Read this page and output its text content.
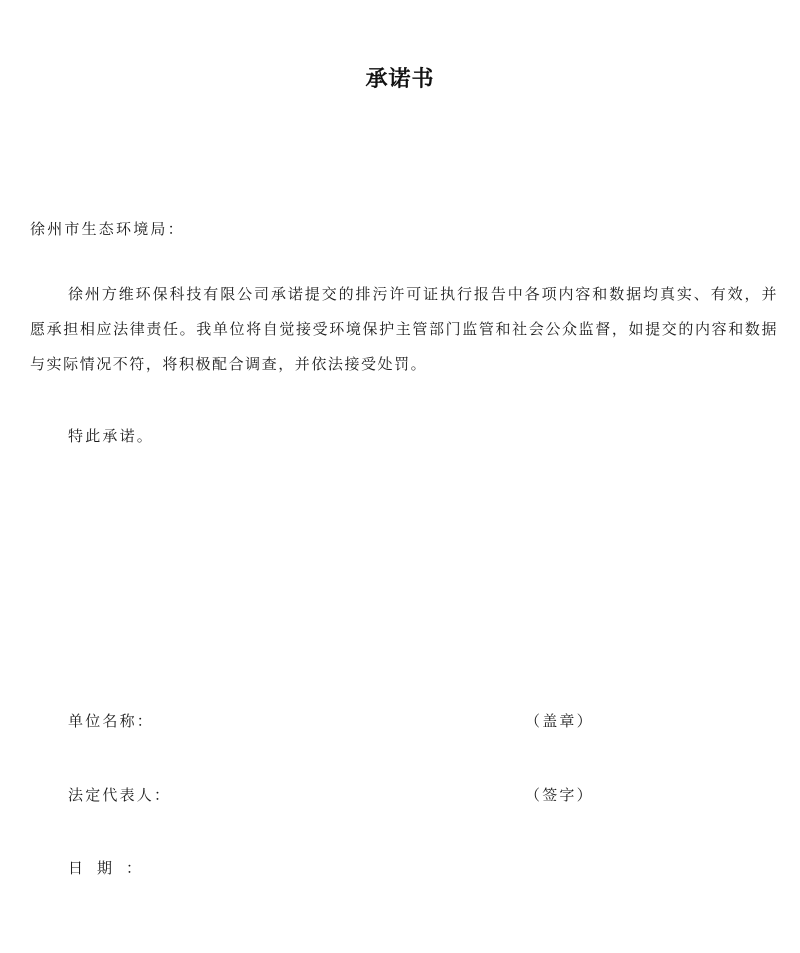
承诺书
徐州市生态环境局：

徐州方维环保科技有限公司承诺提交的排污许可证执行报告中各项内容和数据均真实、有效，并愿承担相应法律责任。我单位将自觉接受环境保护主管部门监管和社会公众监督，如提交的内容和数据与实际情况不符，将积极配合调查，并依法接受处罚。

特此承诺。
单位名称：	（盖章）
法定代表人：	（签字）
日期：
